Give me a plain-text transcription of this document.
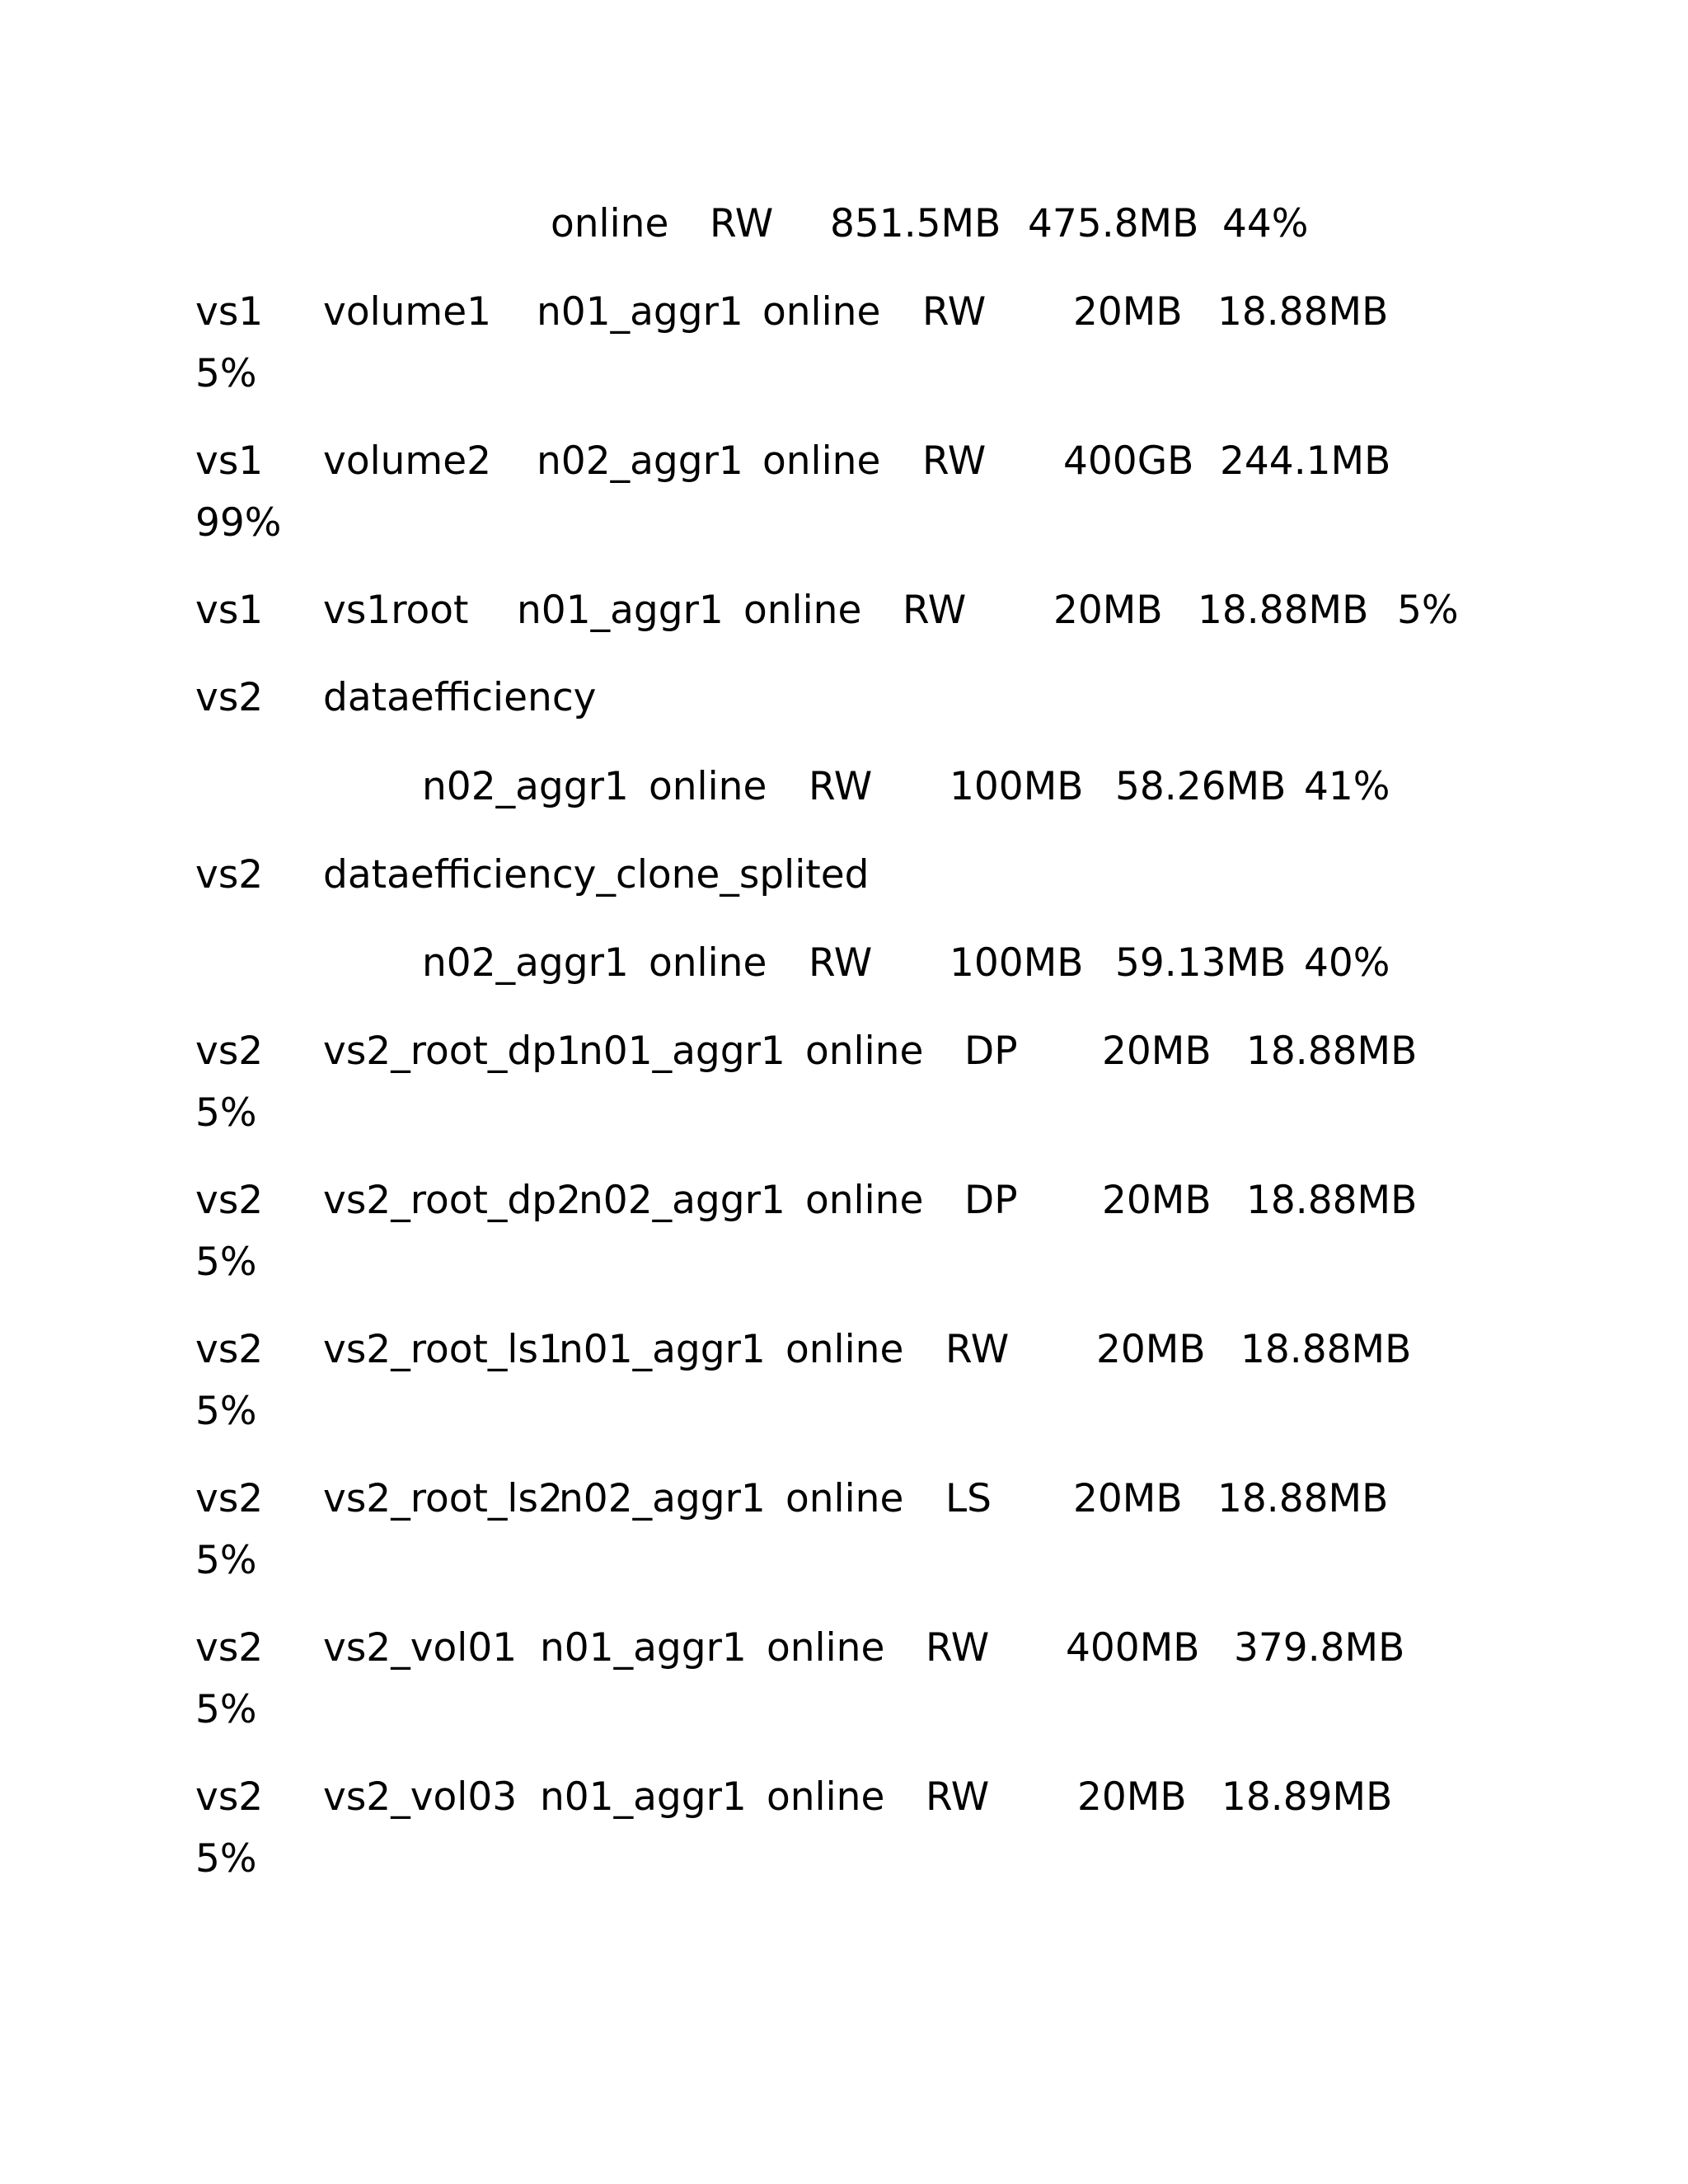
online RW 851.5MB 475.8MB 44%
vs1 volume1 n01_aggr1 online RW 20MB 18.88MB
5%
vs1 volume2 n02_aggr1 online RW 400GB 244.1MB
99%
vs1 vs1root n01_aggr1 online RW 20MB 18.88MB 5%
vs2 dataefficiency
n02_aggr1 online RW 100MB 58.26MB 41%
vs2 dataefficiency_clone_splited
n02_aggr1 online RW 100MB 59.13MB 40%
vs2 vs2_root_dp1
n01_aggr1 online DP 20MB 18.88MB
5%
vs2 vs2_root_dp2
n02_aggr1 online DP 20MB 18.88MB
5%
vs2 vs2_root_ls1
n01_aggr1 online RW 20MB 18.88MB
5%
vs2 vs2_root_ls2
n02_aggr1 online LS 20MB 18.88MB
5%
vs2 vs2_vol01 n01_aggr1 online RW 400MB 379.8MB
5%
vs2 vs2_vol03 n01_aggr1 online RW 20MB 18.89MB
5%
